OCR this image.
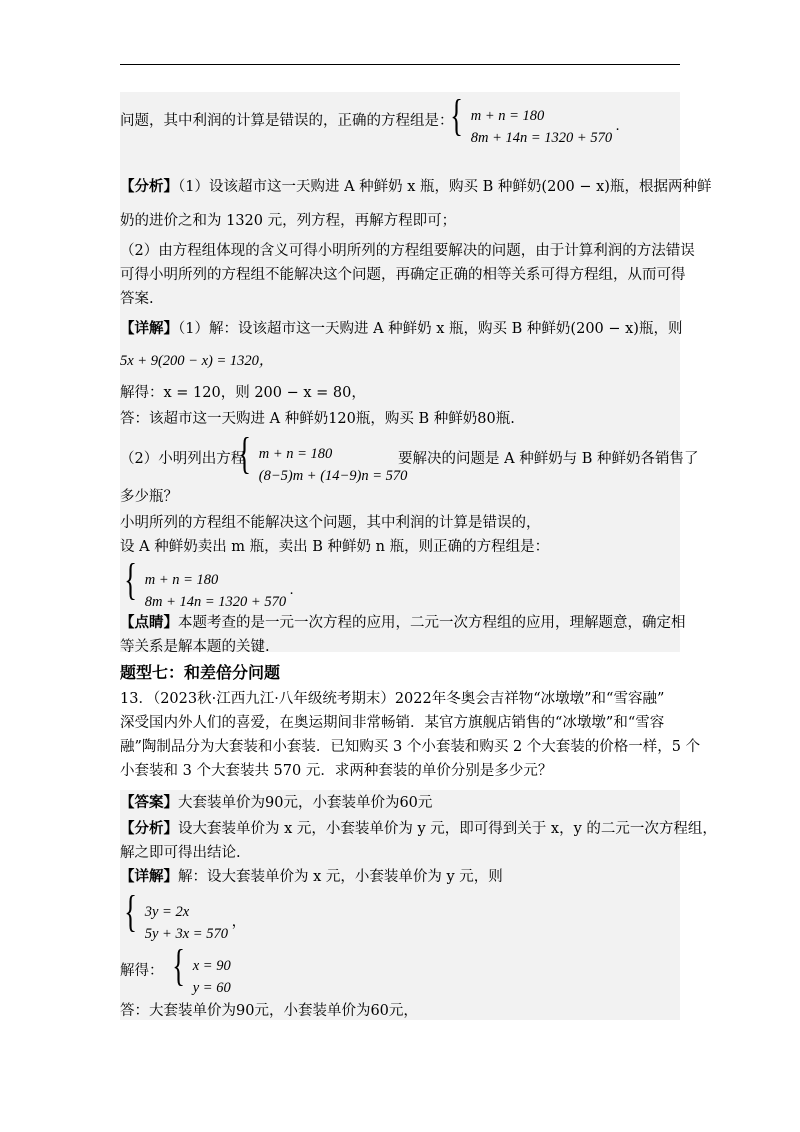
问题，其中利润的计算是错误的，正确的方程组是：
{ m + n = 180
8m + 14n = 1320 + 570
.
【分析】（1）设该超市这一天购进 A 种鲜奶 x 瓶，购买 B 种鲜奶(200 − x)瓶，根据两种鲜
奶的进价之和为 1320 元，列方程，再解方程即可；
（2）由方程组体现的含义可得小明所列的方程组要解决的问题，由于计算利润的方法错误
可得小明所列的方程组不能解决这个问题，再确定正确的相等关系可得方程组，从而可得
答案.
【详解】（1）解：设该超市这一天购进 A 种鲜奶 x 瓶，购买 B 种鲜奶(200 − x)瓶，则
5x + 9(200 − x) = 1320，
解得：x = 120，则 200 − x = 80，
答：该超市这一天购进 A 种鲜奶120瓶，购买 B 种鲜奶80瓶.
（2）小明列出方程
{ m + n = 180
(8−5)m + (14−9)n = 570
要解决的问题是 A 种鲜奶与 B 种鲜奶各销售了
多少瓶？
小明所列的方程组不能解决这个问题，其中利润的计算是错误的，
设 A 种鲜奶卖出 m 瓶，卖出 B 种鲜奶 n 瓶，则正确的方程组是：
{ m + n = 180
8m + 14n = 1320 + 570
.
【点睛】本题考查的是一元一次方程的应用，二元一次方程组的应用，理解题意，确定相
等关系是解本题的关键.
题型七：和差倍分问题
13．（2023秋·江西九江·八年级统考期末）2022年冬奥会吉祥物“冰墩墩”和“雪容融”
深受国内外人们的喜爱，在奥运期间非常畅销．某官方旗舰店销售的“冰墩墩”和“雪容
融”陶制品分为大套装和小套装．已知购买 3 个小套装和购买 2 个大套装的价格一样，5 个
小套装和 3 个大套装共 570 元．求两种套装的单价分别是多少元？
【答案】大套装单价为90元，小套装单价为60元
【分析】设大套装单价为 x 元，小套装单价为 y 元，即可得到关于 x，y 的二元一次方程组，
解之即可得出结论.
【详解】解：设大套装单价为 x 元，小套装单价为 y 元，则
{ 3y = 2x
5y + 3x = 570
，
解得： { x = 90
y = 60
答：大套装单价为90元，小套装单价为60元，
